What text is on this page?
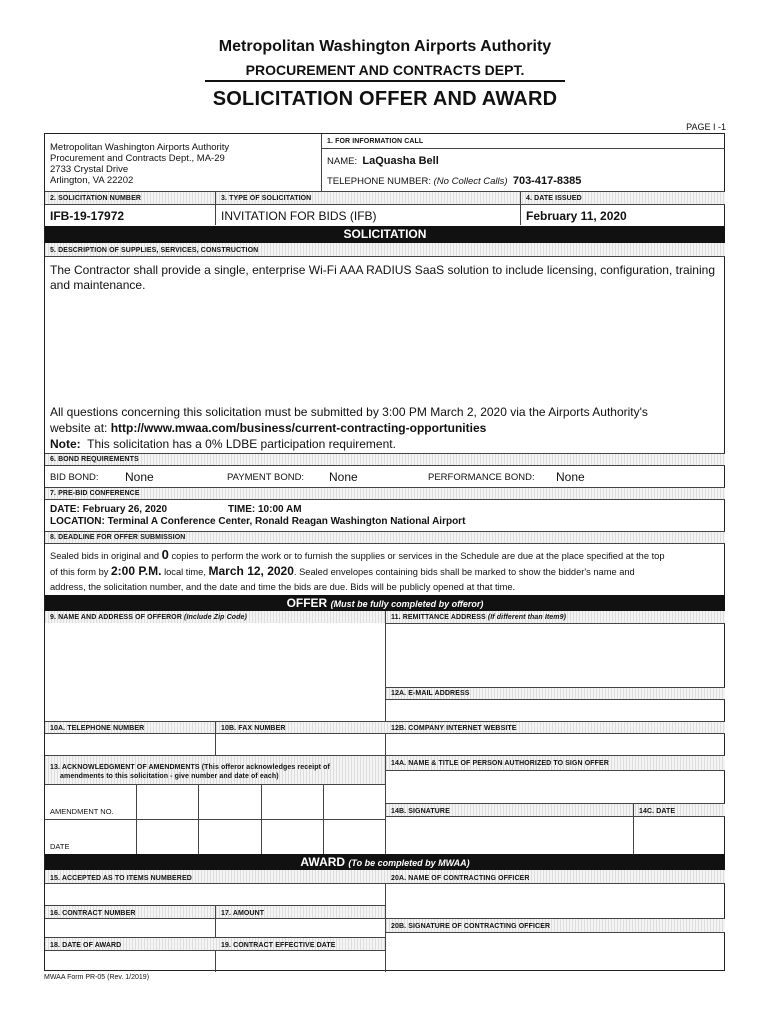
Metropolitan Washington Airports Authority
PROCUREMENT AND CONTRACTS DEPT.
SOLICITATION OFFER AND AWARD
PAGE I -1
Metropolitan Washington Airports Authority
Procurement and Contracts Dept., MA-29
2733 Crystal Drive
Arlington, VA 22202
1. FOR INFORMATION CALL
NAME: LaQuasha Bell
TELEPHONE NUMBER: (No Collect Calls) 703-417-8385
2. SOLICITATION NUMBER	3. TYPE OF SOLICITATION	4. DATE ISSUED
IFB-19-17972	INVITATION FOR BIDS (IFB)	February 11, 2020
SOLICITATION
5. DESCRIPTION OF SUPPLIES, SERVICES, CONSTRUCTION
The Contractor shall provide a single, enterprise Wi-Fi AAA RADIUS SaaS solution to include licensing, configuration, training and maintenance.
All questions concerning this solicitation must be submitted by 3:00 PM March 2, 2020 via the Airports Authority's
website at: http://www.mwaa.com/business/current-contracting-opportunities
Note: This solicitation has a 0% LDBE participation requirement.
6. BOND REQUIREMENTS
BID BOND: None	PAYMENT BOND: None	PERFORMANCE BOND: None
7. PRE-BID CONFERENCE
DATE: February 26, 2020	TIME: 10:00 AM
LOCATION: Terminal A Conference Center, Ronald Reagan Washington National Airport
8. DEADLINE FOR OFFER SUBMISSION
Sealed bids in original and 0 copies to perform the work or to furnish the supplies or services in the Schedule are due at the place specified at the top
of this form by 2:00 P.M. local time, March 12, 2020. Sealed envelopes containing bids shall be marked to show the bidder's name and
address, the solicitation number, and the date and time the bids are due. Bids will be publicly opened at that time.
OFFER (Must be fully completed by offeror)
9. NAME AND ADDRESS OF OFFEROR (Include Zip Code)	11. REMITTANCE ADDRESS (If different than Item9)
12A. E-MAIL ADDRESS
10A. TELEPHONE NUMBER	10B. FAX NUMBER	12B. COMPANY INTERNET WEBSITE
13. ACKNOWLEDGMENT OF AMENDMENTS (This offeror acknowledges receipt of
amendments to this solicitation - give number and date of each)
14A. NAME & TITLE OF PERSON AUTHORIZED TO SIGN OFFER
AMENDMENT NO.
DATE
14B. SIGNATURE	14C. DATE
AWARD (To be completed by MWAA)
15. ACCEPTED AS TO ITEMS NUMBERED	20A. NAME OF CONTRACTING OFFICER
16. CONTRACT NUMBER	17. AMOUNT
20B. SIGNATURE OF CONTRACTING OFFICER
18. DATE OF AWARD	19. CONTRACT EFFECTIVE DATE
MWAA Form PR-05 (Rev. 1/2019)
